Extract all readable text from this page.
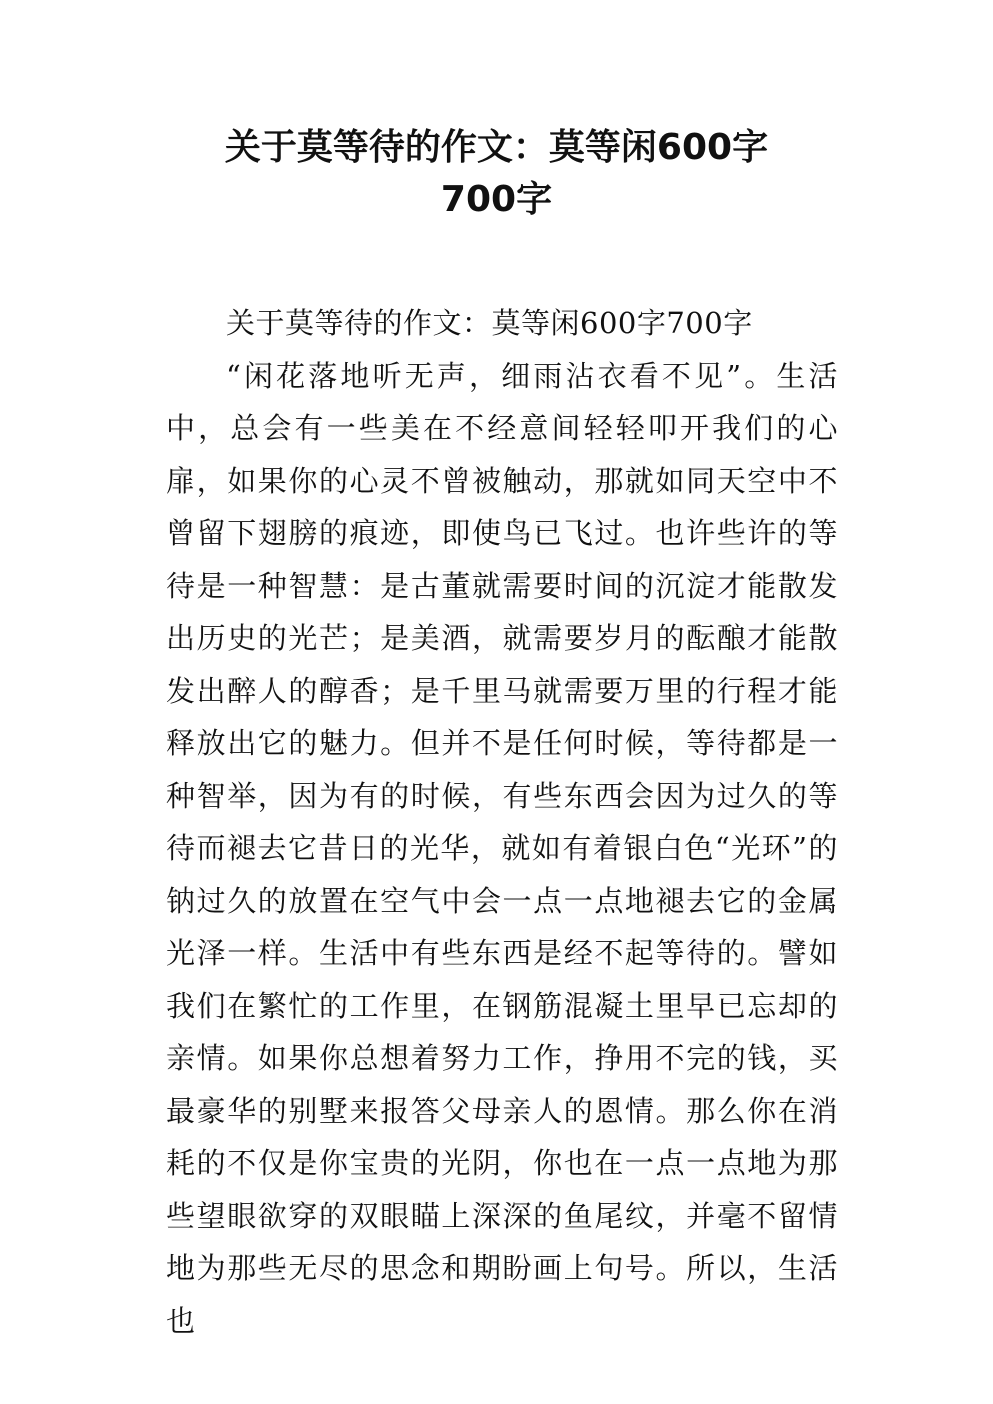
关于莫等待的作文：莫等闲600字
700字

关于莫等待的作文：莫等闲600字700字

“闲花落地听无声，细雨沾衣看不见”。生活中，总会有一些美在不经意间轻轻叩开我们的心扉，如果你的心灵不曾被触动，那就如同天空中不曾留下翅膀的痕迹，即使鸟已飞过。也许些许的等待是一种智慧：是古董就需要时间的沉淀才能散发出历史的光芒；是美酒，就需要岁月的酝酿才能散发出醉人的醇香；是千里马就需要万里的行程才能释放出它的魅力。但并不是任何时候，等待都是一种智举，因为有的时候，有些东西会因为过久的等待而褪去它昔日的光华，就如有着银白色“光环”的钠过久的放置在空气中会一点一点地褪去它的金属光泽一样。生活中有些东西是经不起等待的。譬如我们在繁忙的工作里，在钢筋混凝土里早已忘却的亲情。如果你总想着努力工作，挣用不完的钱，买最豪华的别墅来报答父母亲人的恩情。那么你在消耗的不仅是你宝贵的光阴，你也在一点一点地为那些望眼欲穿的双眼瞄上深深的鱼尾纹，并毫不留情地为那些无尽的思念和期盼画上句号。所以，生活也
